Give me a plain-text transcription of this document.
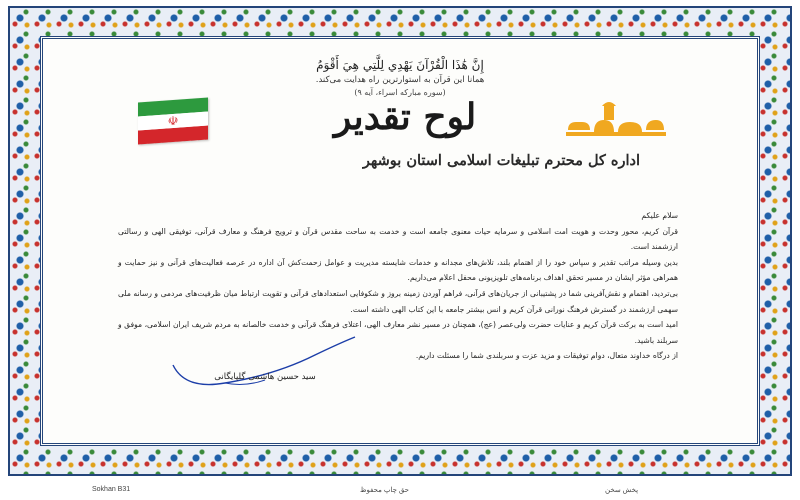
إِنَّ هَٰذَا الْقُرْآنَ يَهْدِي لِلَّتِي هِيَ أَقْوَمُ
همانا این قرآن به استوارترین راه هدایت می‌کند.
(سوره مبارکه اسراء، آیه ۹)
☫	لوح تقدیر
اداره کل محترم تبلیغات اسلامی استان بوشهر

سلام علیکم

قرآن کریم، محور وحدت و هویت امت اسلامی و سرمایه حیات معنوی جامعه است و خدمت به ساحت مقدس قرآن و ترویج فرهنگ و معارف قرآنی، توفیقی الهی و رسالتی ارزشمند است.

بدین وسیله مراتب تقدیر و سپاس خود را از اهتمام بلند، تلاش‌های مجدانه و خدمات شایسته مدیریت و عوامل زحمت‌کش آن اداره در عرصه فعالیت‌های قرآنی و نیز حمایت و همراهی مؤثر ایشان در مسیر تحقق اهداف برنامه‌های تلویزیونی محفل اعلام می‌داریم.

بی‌تردید، اهتمام و نقش‌آفرینی شما در پشتیبانی از جریان‌های قرآنی، فراهم آوردن زمینه بروز و شکوفایی استعدادهای قرآنی و تقویت ارتباط میان ظرفیت‌های مردمی و رسانه ملی سهمی ارزشمند در گسترش فرهنگ نورانی قرآن کریم و انس بیشتر جامعه با این کتاب الهی داشته است.

امید است به برکت قرآن کریم و عنایات حضرت ولی‌عصر (عج)، همچنان در مسیر نشر معارف الهی، اعتلای فرهنگ قرآنی و خدمت خالصانه به مردم شریف ایران اسلامی، موفق و سربلند باشید.

از درگاه خداوند متعال، دوام توفیقات و مزید عزت و سربلندی شما را مسئلت داریم.

سید حسین هاشمی گلپایگانی
Sokhan B31	حق چاپ محفوظ	پخش سخن
